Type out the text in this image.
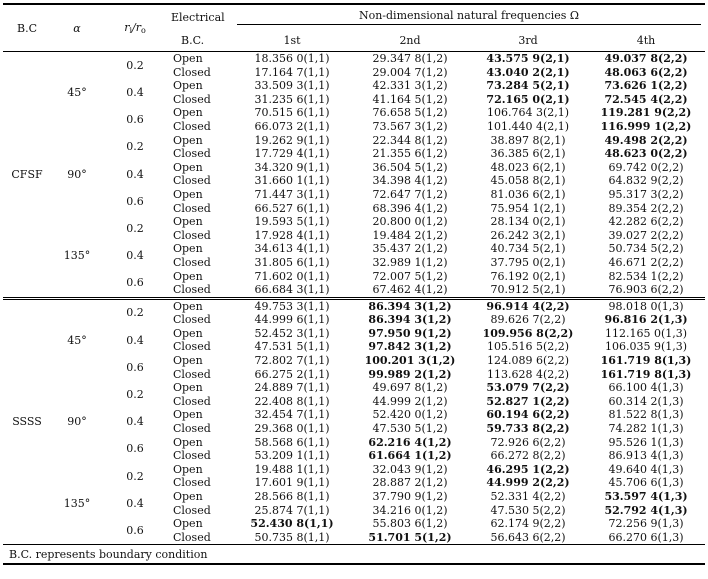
B.C	α	$r_i/r_o$	Electrical	Non-dimensional natural frequencies Ω			

			B.C.	1st	2nd	3rd	4th
CFSF	45°	0.2	Open	18.356 0(1,1)	29.347 8(1,2)	43.575 9(2,1)	49.037 8(2,2)
			Closed	17.164 7(1,1)	29.004 7(1,2)	43.040 2(2,1)	48.063 6(2,2)
		0.4	Open	33.509 3(1,1)	42.331 3(1,2)	73.284 5(2,1)	73.626 1(2,2)
			Closed	31.235 6(1,1)	41.164 5(1,2)	72.165 0(2,1)	72.545 4(2,2)
		0.6	Open	70.515 6(1,1)	76.658 5(1,2)	106.764 3(2,1)	119.281 9(2,2)
			Closed	66.073 2(1,1)	73.567 3(1,2)	101.440 4(2,1)	116.999 1(2,2)
	90°	0.2	Open	19.262 9(1,1)	22.344 8(1,2)	38.897 8(2,1)	49.498 2(2,2)
			Closed	17.729 4(1,1)	21.355 6(1,2)	36.385 6(2,1)	48.623 0(2,2)
		0.4	Open	34.320 9(1,1)	36.504 5(1,2)	48.023 6(2,1)	69.742 0(2,2)
			Closed	31.660 1(1,1)	34.398 4(1,2)	45.058 8(2,1)	64.832 9(2,2)
		0.6	Open	71.447 3(1,1)	72.647 7(1,2)	81.036 6(2,1)	95.317 3(2,2)
			Closed	66.527 6(1,1)	68.396 4(1,2)	75.954 1(2,1)	89.354 2(2,2)
	135°	0.2	Open	19.593 5(1,1)	20.800 0(1,2)	28.134 0(2,1)	42.282 6(2,2)
			Closed	17.928 4(1,1)	19.484 2(1,2)	26.242 3(2,1)	39.027 2(2,2)
		0.4	Open	34.613 4(1,1)	35.437 2(1,2)	40.734 5(2,1)	50.734 5(2,2)
			Closed	31.805 6(1,1)	32.989 1(1,2)	37.795 0(2,1)	46.671 2(2,2)
		0.6	Open	71.602 0(1,1)	72.007 5(1,2)	76.192 0(2,1)	82.534 1(2,2)
			Closed	66.684 3(1,1)	67.462 4(1,2)	70.912 5(2,1)	76.903 6(2,2)
SSSS	45°	0.2	Open	49.753 3(1,1)	86.394 3(1,2)	96.914 4(2,2)	98.018 0(1,3)
			Closed	44.999 6(1,1)	86.394 3(1,2)	89.626 7(2,2)	96.816 2(1,3)
		0.4	Open	52.452 3(1,1)	97.950 9(1,2)	109.956 8(2,2)	112.165 0(1,3)
			Closed	47.531 5(1,1)	97.842 3(1,2)	105.516 5(2,2)	106.035 9(1,3)
		0.6	Open	72.802 7(1,1)	100.201 3(1,2)	124.089 6(2,2)	161.719 8(1,3)
			Closed	66.275 2(1,1)	99.989 2(1,2)	113.628 4(2,2)	161.719 8(1,3)
	90°	0.2	Open	24.889 7(1,1)	49.697 8(1,2)	53.079 7(2,2)	66.100 4(1,3)
			Closed	22.408 8(1,1)	44.999 2(1,2)	52.827 1(2,2)	60.314 2(1,3)
		0.4	Open	32.454 7(1,1)	52.420 0(1,2)	60.194 6(2,2)	81.522 8(1,3)
			Closed	29.368 0(1,1)	47.530 5(1,2)	59.733 8(2,2)	74.282 1(1,3)
		0.6	Open	58.568 6(1,1)	62.216 4(1,2)	72.926 6(2,2)	95.526 1(1,3)
			Closed	53.209 1(1,1)	61.664 1(1,2)	66.272 8(2,2)	86.913 4(1,3)
	135°	0.2	Open	19.488 1(1,1)	32.043 9(1,2)	46.295 1(2,2)	49.640 4(1,3)
			Closed	17.601 9(1,1)	28.887 2(1,2)	44.999 2(2,2)	45.706 6(1,3)
		0.4	Open	28.566 8(1,1)	37.790 9(1,2)	52.331 4(2,2)	53.597 4(1,3)
			Closed	25.874 7(1,1)	34.216 0(1,2)	47.530 5(2,2)	52.792 4(1,3)
		0.6	Open	52.430 8(1,1)	55.803 6(1,2)	62.174 9(2,2)	72.256 9(1,3)
			Closed	50.735 8(1,1)	51.701 5(1,2)	56.643 6(2,2)	66.270 6(1,3)
B.C. represents boundary condition							
